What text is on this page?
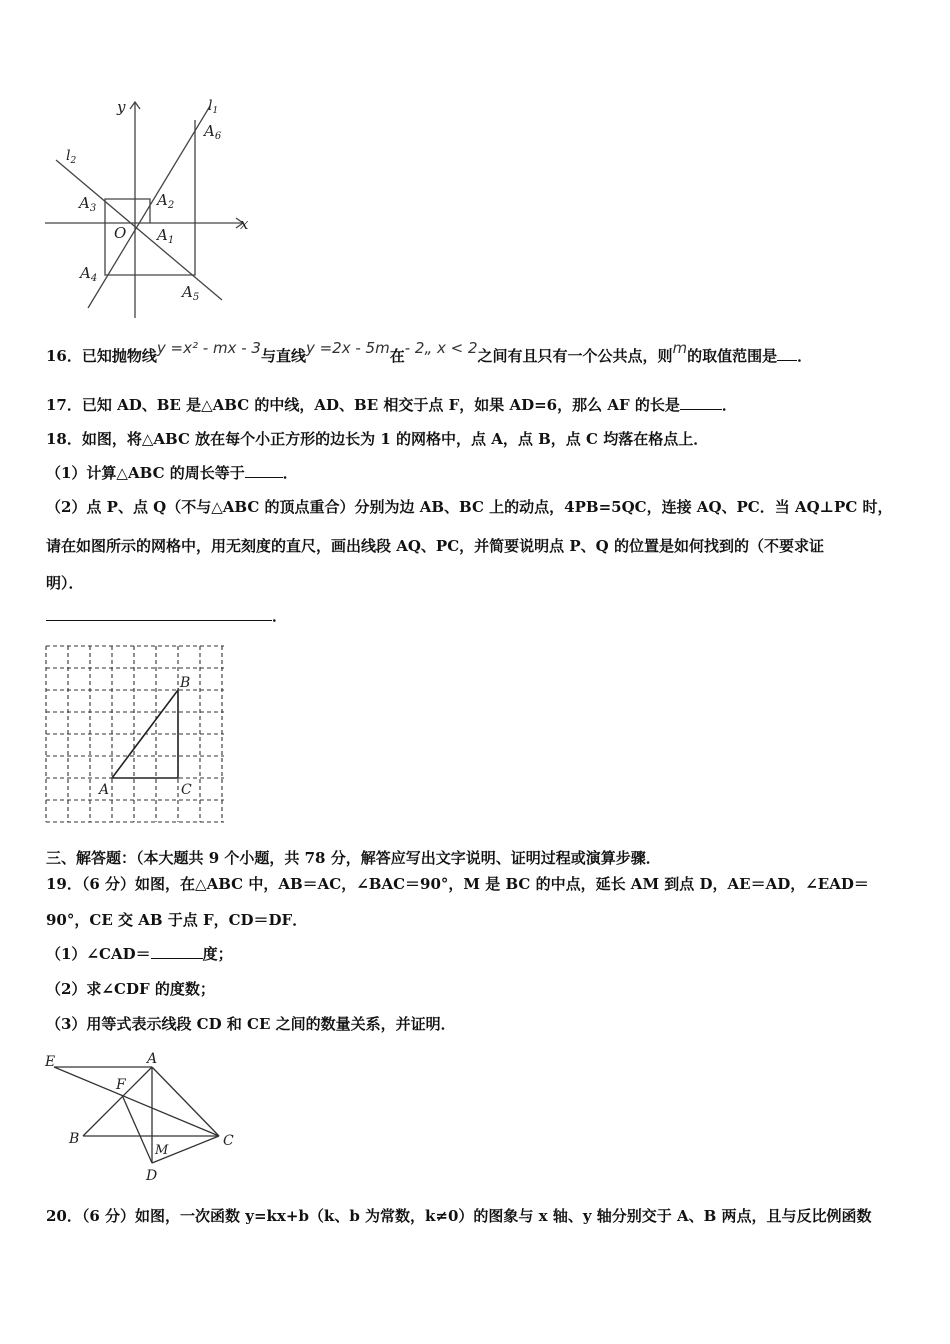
y
x
O
$l_1$
$l_2$
$A_6$
$A_2$
$A_3$
$A_1$
$A_4$
$A_5$
16．已知抛物线y =x² - mx - 3与直线y =2x - 5m在- 2„ x < 2之间有且只有一个公共点，则m的取值范围是 ．
17．已知 AD、BE 是△ABC 的中线，AD、BE 相交于点 F，如果 AD=6，那么 AF 的长是	．
18．如图，将△ABC 放在每个小正方形的边长为 1 的网格中，点 A，点 B，点 C 均落在格点上．
（1）计算△ABC 的周长等于	．
（2）点 P、点 Q（不与△ABC 的顶点重合）分别为边 AB、BC 上的动点，4PB=5QC，连接 AQ、PC．当 AQ⊥PC 时，
请在如图所示的网格中，用无刻度的直尺，画出线段 AQ、PC，并简要说明点 P、Q 的位置是如何找到的（不要求证
明）．
．
A
B
C
三、解答题：（本大题共 9 个小题，共 78 分，解答应写出文字说明、证明过程或演算步骤．
19．（6 分）如图，在△ABC 中，AB＝AC，∠BAC＝90°，M 是 BC 的中点，延长 AM 到点 D，AE＝AD，∠EAD＝
90°，CE 交 AB 于点 F，CD＝DF．
（1）∠CAD＝	度；
（2）求∠CDF 的度数；
（3）用等式表示线段 CD 和 CE 之间的数量关系，并证明．
E	A
F
B	C
M
D
20．（6 分）如图，一次函数 y=kx+b（k、b 为常数，k≠0）的图象与 x 轴、y 轴分别交于 A、B 两点，且与反比例函数
